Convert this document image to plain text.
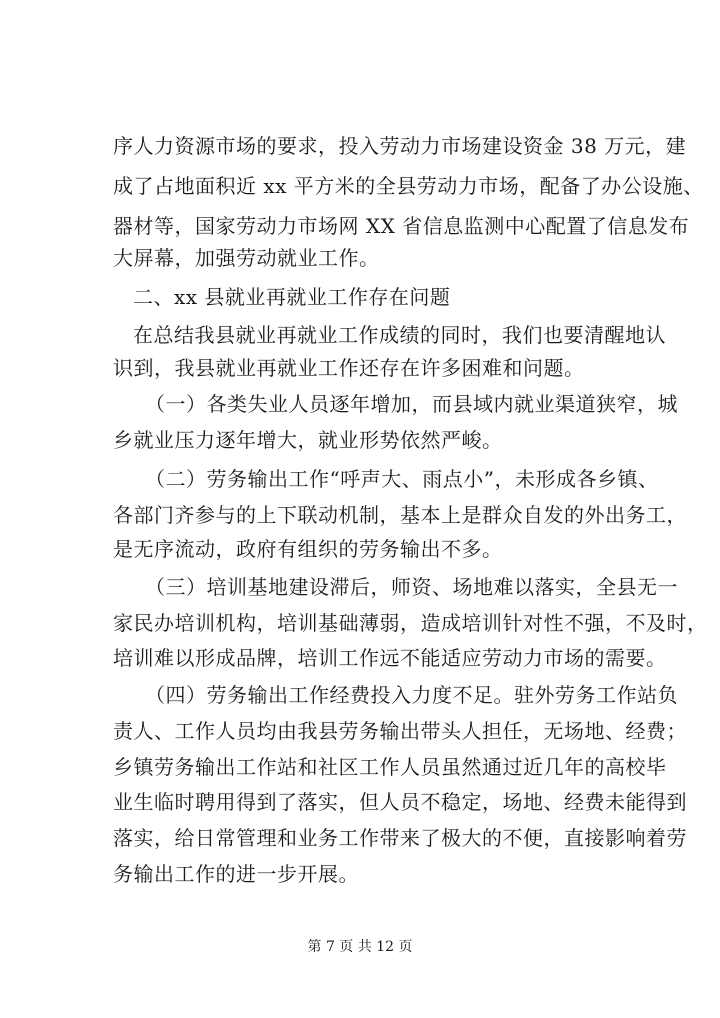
序人力资源市场的要求，投入劳动力市场建设资金 38 万元，建
成了占地面积近 xx 平方米的全县劳动力市场，配备了办公设施、
器材等，国家劳动力市场网 XX 省信息监测中心配置了信息发布
大屏幕，加强劳动就业工作。
二、xx 县就业再就业工作存在问题
在总结我县就业再就业工作成绩的同时，我们也要清醒地认
识到，我县就业再就业工作还存在许多困难和问题。
（一）各类失业人员逐年增加，而县域内就业渠道狭窄，城
乡就业压力逐年增大，就业形势依然严峻。
（二）劳务输出工作“呼声大、雨点小”，未形成各乡镇、
各部门齐参与的上下联动机制，基本上是群众自发的外出务工，
是无序流动，政府有组织的劳务输出不多。
（三）培训基地建设滞后，师资、场地难以落实，全县无一
家民办培训机构，培训基础薄弱，造成培训针对性不强，不及时，
培训难以形成品牌，培训工作远不能适应劳动力市场的需要。
（四）劳务输出工作经费投入力度不足。驻外劳务工作站负
责人、工作人员均由我县劳务输出带头人担任，无场地、经费；
乡镇劳务输出工作站和社区工作人员虽然通过近几年的高校毕
业生临时聘用得到了落实，但人员不稳定，场地、经费未能得到
落实，给日常管理和业务工作带来了极大的不便，直接影响着劳
务输出工作的进一步开展。
第 7 页 共 12 页
